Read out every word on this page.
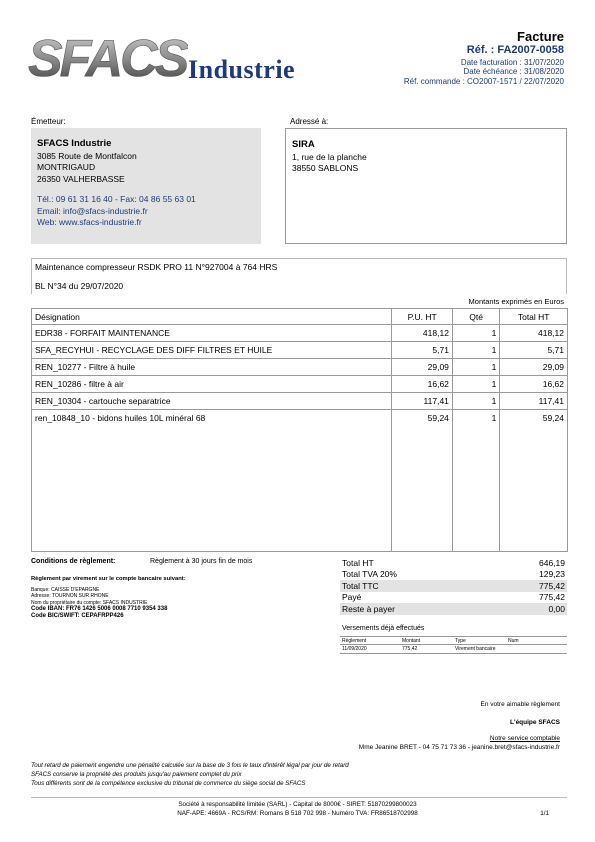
SFACS Industrie
Facture
Réf. : FA2007-0058
Date facturation : 31/07/2020
Date échéance : 31/08/2020
Réf. commande : CO2007-1571 / 22/07/2020
Émetteur:	Adressé à:
SFACS Industrie
3085 Route de Montfalcon
MONTRIGAUD
26350 VALHERBASSE
Tél.: 09 61 31 16 40 - Fax: 04 86 55 63 01
Email: info@sfacs-industrie.fr
Web: www.sfacs-industrie.fr
SIRA
1, rue de la planche
38550 SABLONS
Maintenance compresseur RSDK PRO 11 N°927004 à 764 HRS
BL N°34 du 29/07/2020
Montants exprimés en Euros
Désignation	P.U. HT	Qté	Total HT
EDR38 - FORFAIT MAINTENANCE	418,12	1	418,12
SFA_RECYHUI - RECYCLAGE DES DIFF FILTRES ET HUILE	5,71	1	5,71
REN_10277 - Filtre à huile	29,09	1	29,09
REN_10286 - filtre à air	16,62	1	16,62
REN_10304 - cartouche separatrice	117,41	1	117,41
ren_10848_10 - bidons huiles 10L minéral 68	59,24	1	59,24

Conditions de règlement:	Règlement à 30 jours fin de mois
Règlement par virement sur le compte bancaire suivant:
Banque: CAISSE D'EPARGNE
Adresse: TOURNON SUR RHONE
Nom du propriétaire du compte: SFACS INDUSTRIE
Code IBAN: FR76 1426 5006 0008 7710 9354 338
Code BIC/SWIFT: CEPAFRPP426
Total HT	646,19
Total TVA 20%	129,23
Total TTC	775,42
Payé	775,42
Reste à payer	0,00
Versements déjà effectués
Règlement	Montant	Type	Num
11/09/2020	775,42	Virement bancaire
En votre aimable règlement
L'équipe SFACS
Notre service comptable
Mme Jeanine BRET - 04 75 71 73 36 - jeanine.bret@sfacs-industrie.fr
Tout retard de paiement engendre une pénalité calculée sur la base de 3 fois le taux d'intérêt légal par jour de retard
SFACS conserve la propriété des produits jusqu'au paiement complet du prix
Tous différents sont de la compétence exclusive du tribunal de commerce du siège social de SFACS
Société à responsabilité limitée (SARL) - Capital de 8000€ - SIRET: 51870299800023
NAF-APE: 4669A - RCS/RM: Romans B 518 702 998 - Numéro TVA: FR86518702998	1/1
